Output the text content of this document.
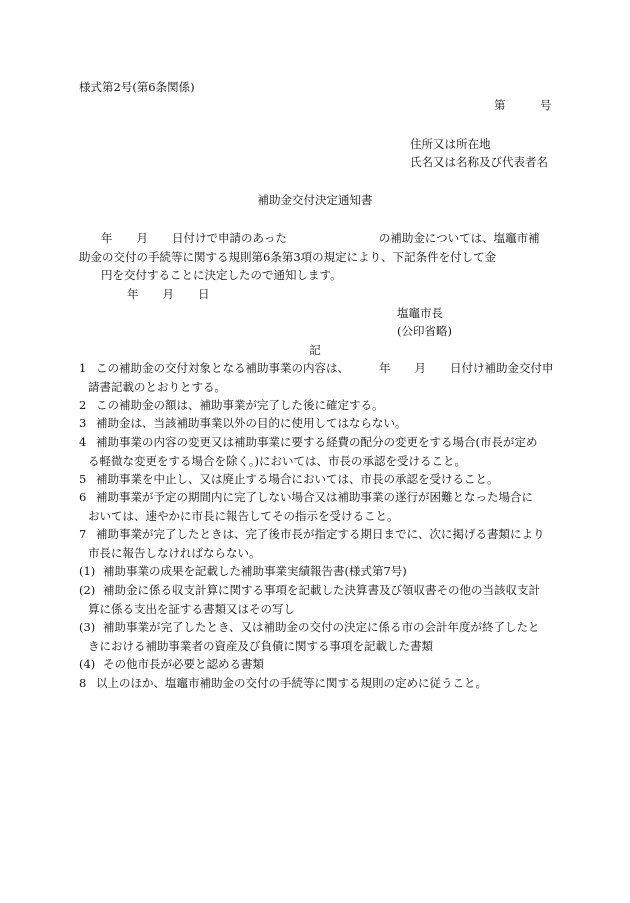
様式第2号(第6条関係)
第	号
住所又は所在地
氏名又は名称及び代表者名
補助金交付決定通知書
年 月 日付けで申請のあった	の補助金については、塩竈市補
助金の交付の手続等に関する規則第6条第3項の規定により、下記条件を付して金
円を交付することに決定したので通知します。
年 月 日
塩竈市長
(公印省略)
記
1 この補助金の交付対象となる補助事業の内容は、	年 月 日付け補助金交付申
請書記載のとおりとする。
2 この補助金の額は、補助事業が完了した後に確定する。
3 補助金は、当該補助事業以外の目的に使用してはならない。
4 補助事業の内容の変更又は補助事業に要する経費の配分の変更をする場合(市長が定め
る軽微な変更をする場合を除く。)においては、市長の承認を受けること。
5 補助事業を中止し、又は廃止する場合においては、市長の承認を受けること。
6 補助事業が予定の期間内に完了しない場合又は補助事業の遂行が困難となった場合に
おいては、速やかに市長に報告してその指示を受けること。
7 補助事業が完了したときは、完了後市長が指定する期日までに、次に掲げる書類により
市長に報告しなければならない。
(1) 補助事業の成果を記載した補助事業実績報告書(様式第7号)
(2) 補助金に係る収支計算に関する事項を記載した決算書及び領収書その他の当該収支計
算に係る支出を証する書類又はその写し
(3) 補助事業が完了したとき、又は補助金の交付の決定に係る市の会計年度が終了したと
きにおける補助事業者の資産及び負債に関する事項を記載した書類
(4) その他市長が必要と認める書類
8 以上のほか、塩竈市補助金の交付の手続等に関する規則の定めに従うこと。
